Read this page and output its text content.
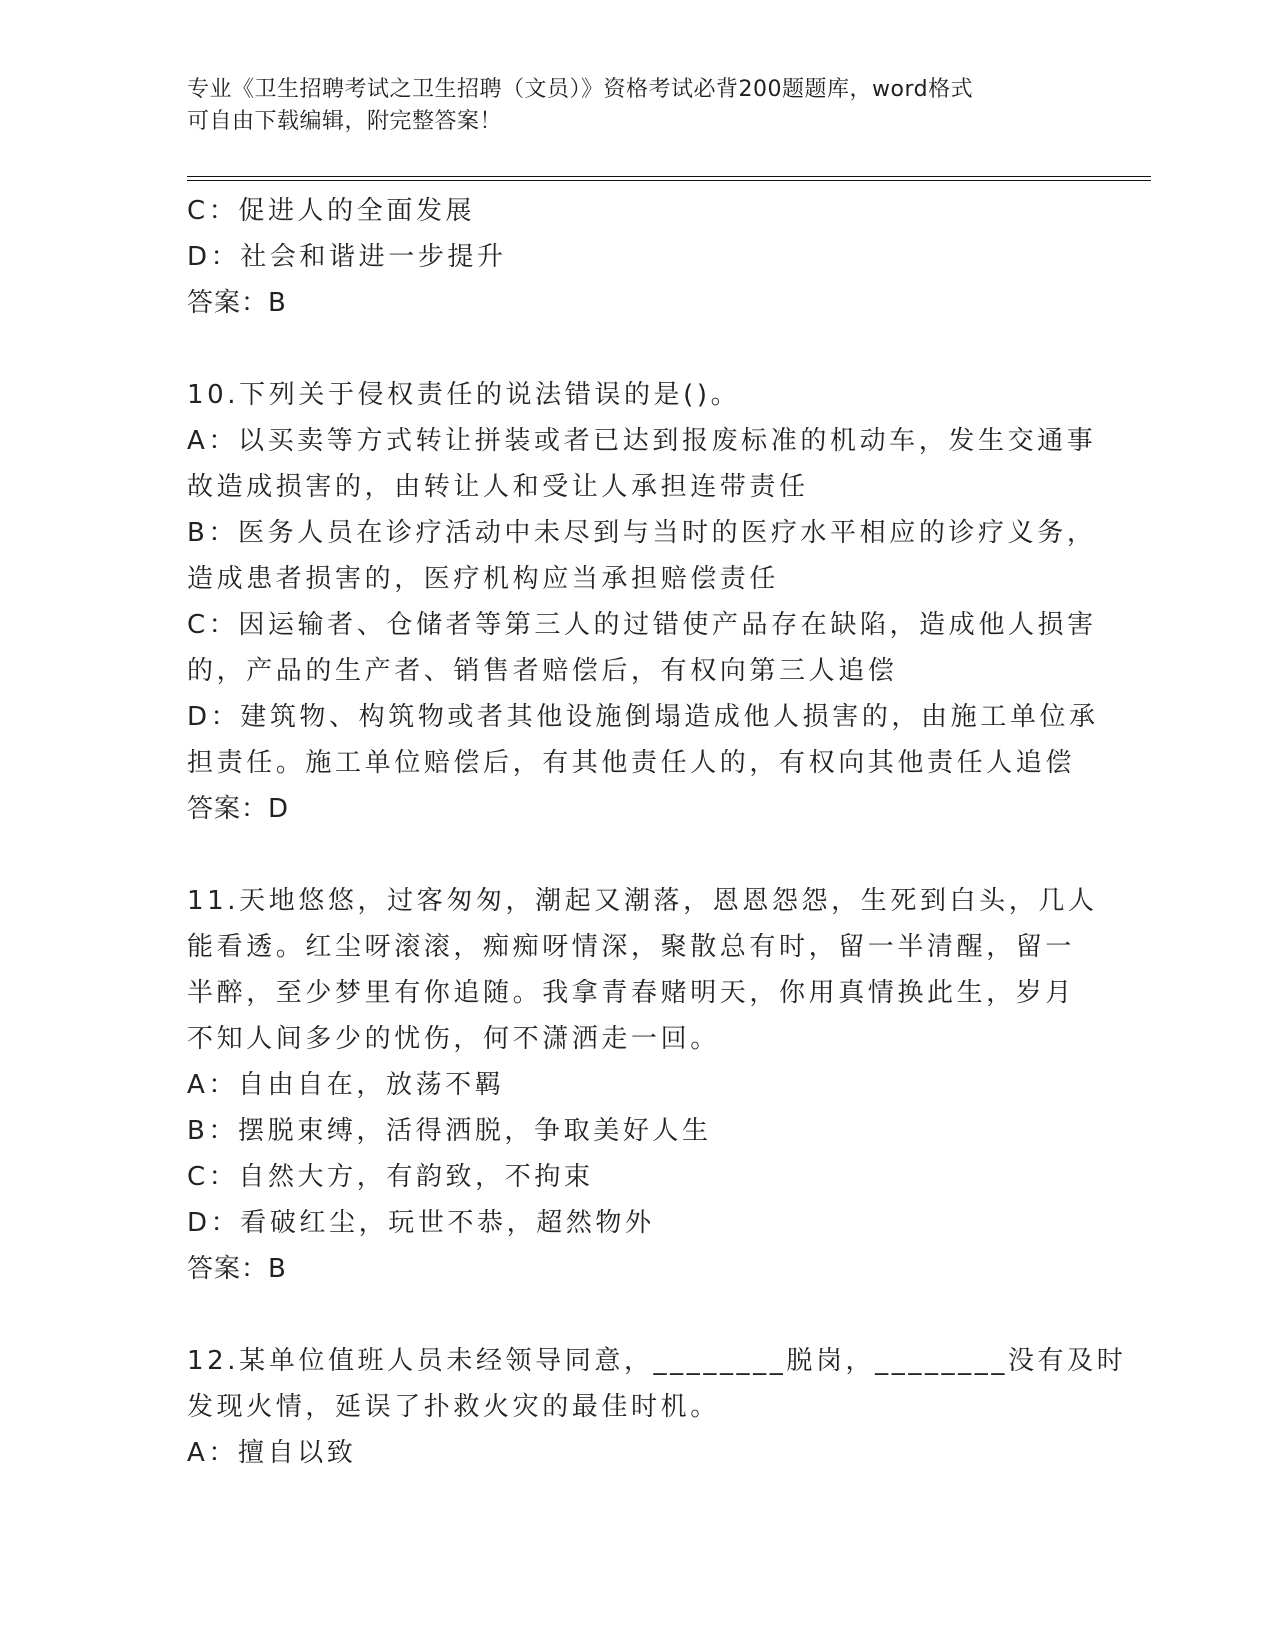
专业《卫生招聘考试之卫生招聘（文员）》资格考试必背200题题库，word格式
可自由下载编辑，附完整答案！
C：促进人的全面发展
D：社会和谐进一步提升
答案：B
10.下列关于侵权责任的说法错误的是()。
A：以买卖等方式转让拼装或者已达到报废标准的机动车，发生交通事
故造成损害的，由转让人和受让人承担连带责任
B：医务人员在诊疗活动中未尽到与当时的医疗水平相应的诊疗义务，
造成患者损害的，医疗机构应当承担赔偿责任
C：因运输者、仓储者等第三人的过错使产品存在缺陷，造成他人损害
的，产品的生产者、销售者赔偿后，有权向第三人追偿
D：建筑物、构筑物或者其他设施倒塌造成他人损害的，由施工单位承
担责任。施工单位赔偿后，有其他责任人的，有权向其他责任人追偿
答案：D
11.天地悠悠，过客匆匆，潮起又潮落，恩恩怨怨，生死到白头，几人
能看透。红尘呀滚滚，痴痴呀情深，聚散总有时，留一半清醒，留一
半醉，至少梦里有你追随。我拿青春赌明天，你用真情换此生，岁月
不知人间多少的忧伤，何不潇洒走一回。
A：自由自在，放荡不羁
B：摆脱束缚，活得洒脱，争取美好人生
C：自然大方，有韵致，不拘束
D：看破红尘，玩世不恭，超然物外
答案：B
12.某单位值班人员未经领导同意，________脱岗，________没有及时
发现火情，延误了扑救火灾的最佳时机。
A：擅自以致
